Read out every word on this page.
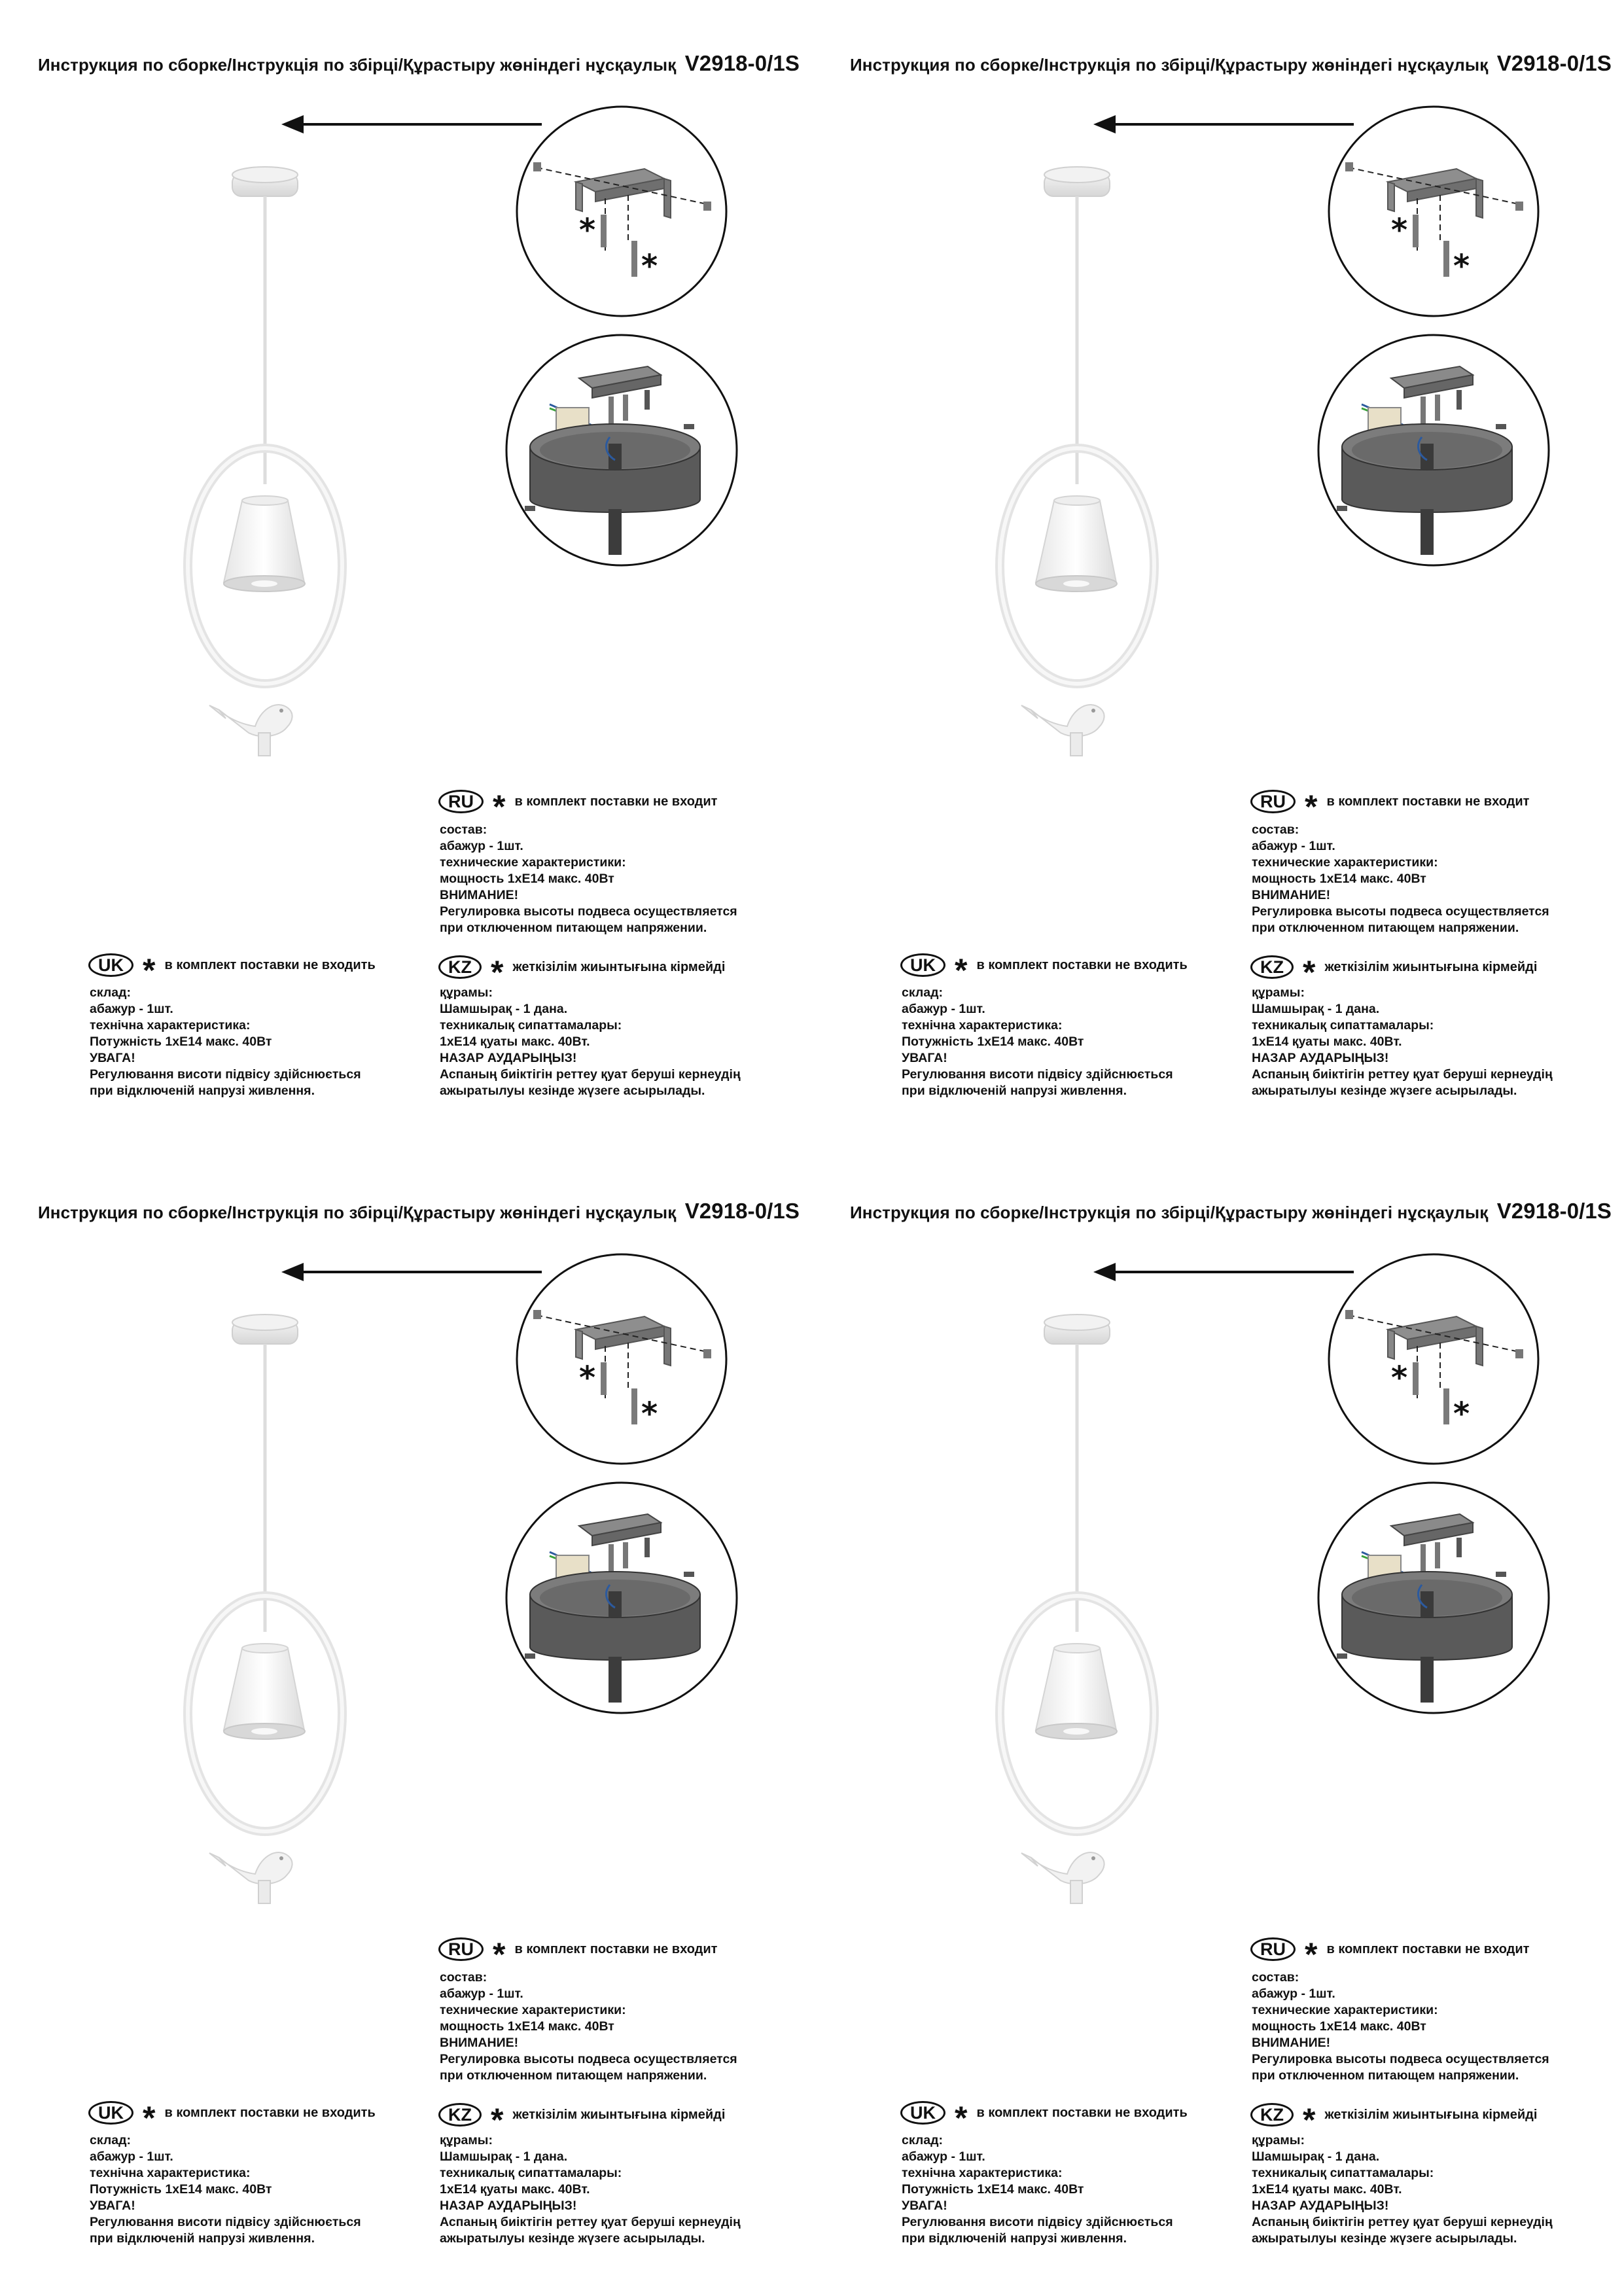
Инструкция по сборке/Інструкція по збірці/Құрастыру жөніндегі нұсқаулық V2918-0/1S
*
*
RU * в комплект поставки не входит
состав:
абажур - 1шт.
технические характеристики:
мощность 1хЕ14 макс. 40Вт
ВНИМАНИЕ!
Регулировка высоты подвеса осуществляется
при отключенном питающем напряжении.
UK * в комплект поставки не входить
склад:
абажур - 1шт.
технічна характеристика:
Потужність 1хЕ14 макс. 40Вт
УВАГА!
Регулювання висоти підвісу здійснюється
при відключеній напрузі живлення.
KZ * жеткізілім жиынтығына кірмейді
құрамы:
Шамшырақ - 1 дана.
техникалық сипаттамалары:
1хЕ14 қуаты макс. 40Вт.
НАЗАР АУДАРЫҢЫЗ!
Аспаның биіктігін реттеу қуат беруші кернеудің
ажыратылуы кезінде жүзеге асырылады.
Инструкция по сборке/Інструкція по збірці/Құрастыру жөніндегі нұсқаулық V2918-0/1S
*
*
RU * в комплект поставки не входит
состав:
абажур - 1шт.
технические характеристики:
мощность 1хЕ14 макс. 40Вт
ВНИМАНИЕ!
Регулировка высоты подвеса осуществляется
при отключенном питающем напряжении.
UK * в комплект поставки не входить
склад:
абажур - 1шт.
технічна характеристика:
Потужність 1хЕ14 макс. 40Вт
УВАГА!
Регулювання висоти підвісу здійснюється
при відключеній напрузі живлення.
KZ * жеткізілім жиынтығына кірмейді
құрамы:
Шамшырақ - 1 дана.
техникалық сипаттамалары:
1хЕ14 қуаты макс. 40Вт.
НАЗАР АУДАРЫҢЫЗ!
Аспаның биіктігін реттеу қуат беруші кернеудің
ажыратылуы кезінде жүзеге асырылады.
Инструкция по сборке/Інструкція по збірці/Құрастыру жөніндегі нұсқаулық V2918-0/1S
*
*
RU * в комплект поставки не входит
состав:
абажур - 1шт.
технические характеристики:
мощность 1хЕ14 макс. 40Вт
ВНИМАНИЕ!
Регулировка высоты подвеса осуществляется
при отключенном питающем напряжении.
UK * в комплект поставки не входить
склад:
абажур - 1шт.
технічна характеристика:
Потужність 1хЕ14 макс. 40Вт
УВАГА!
Регулювання висоти підвісу здійснюється
при відключеній напрузі живлення.
KZ * жеткізілім жиынтығына кірмейді
құрамы:
Шамшырақ - 1 дана.
техникалық сипаттамалары:
1хЕ14 қуаты макс. 40Вт.
НАЗАР АУДАРЫҢЫЗ!
Аспаның биіктігін реттеу қуат беруші кернеудің
ажыратылуы кезінде жүзеге асырылады.
Инструкция по сборке/Інструкція по збірці/Құрастыру жөніндегі нұсқаулық V2918-0/1S
*
*
RU * в комплект поставки не входит
состав:
абажур - 1шт.
технические характеристики:
мощность 1хЕ14 макс. 40Вт
ВНИМАНИЕ!
Регулировка высоты подвеса осуществляется
при отключенном питающем напряжении.
UK * в комплект поставки не входить
склад:
абажур - 1шт.
технічна характеристика:
Потужність 1хЕ14 макс. 40Вт
УВАГА!
Регулювання висоти підвісу здійснюється
при відключеній напрузі живлення.
KZ * жеткізілім жиынтығына кірмейді
құрамы:
Шамшырақ - 1 дана.
техникалық сипаттамалары:
1хЕ14 қуаты макс. 40Вт.
НАЗАР АУДАРЫҢЫЗ!
Аспаның биіктігін реттеу қуат беруші кернеудің
ажыратылуы кезінде жүзеге асырылады.
